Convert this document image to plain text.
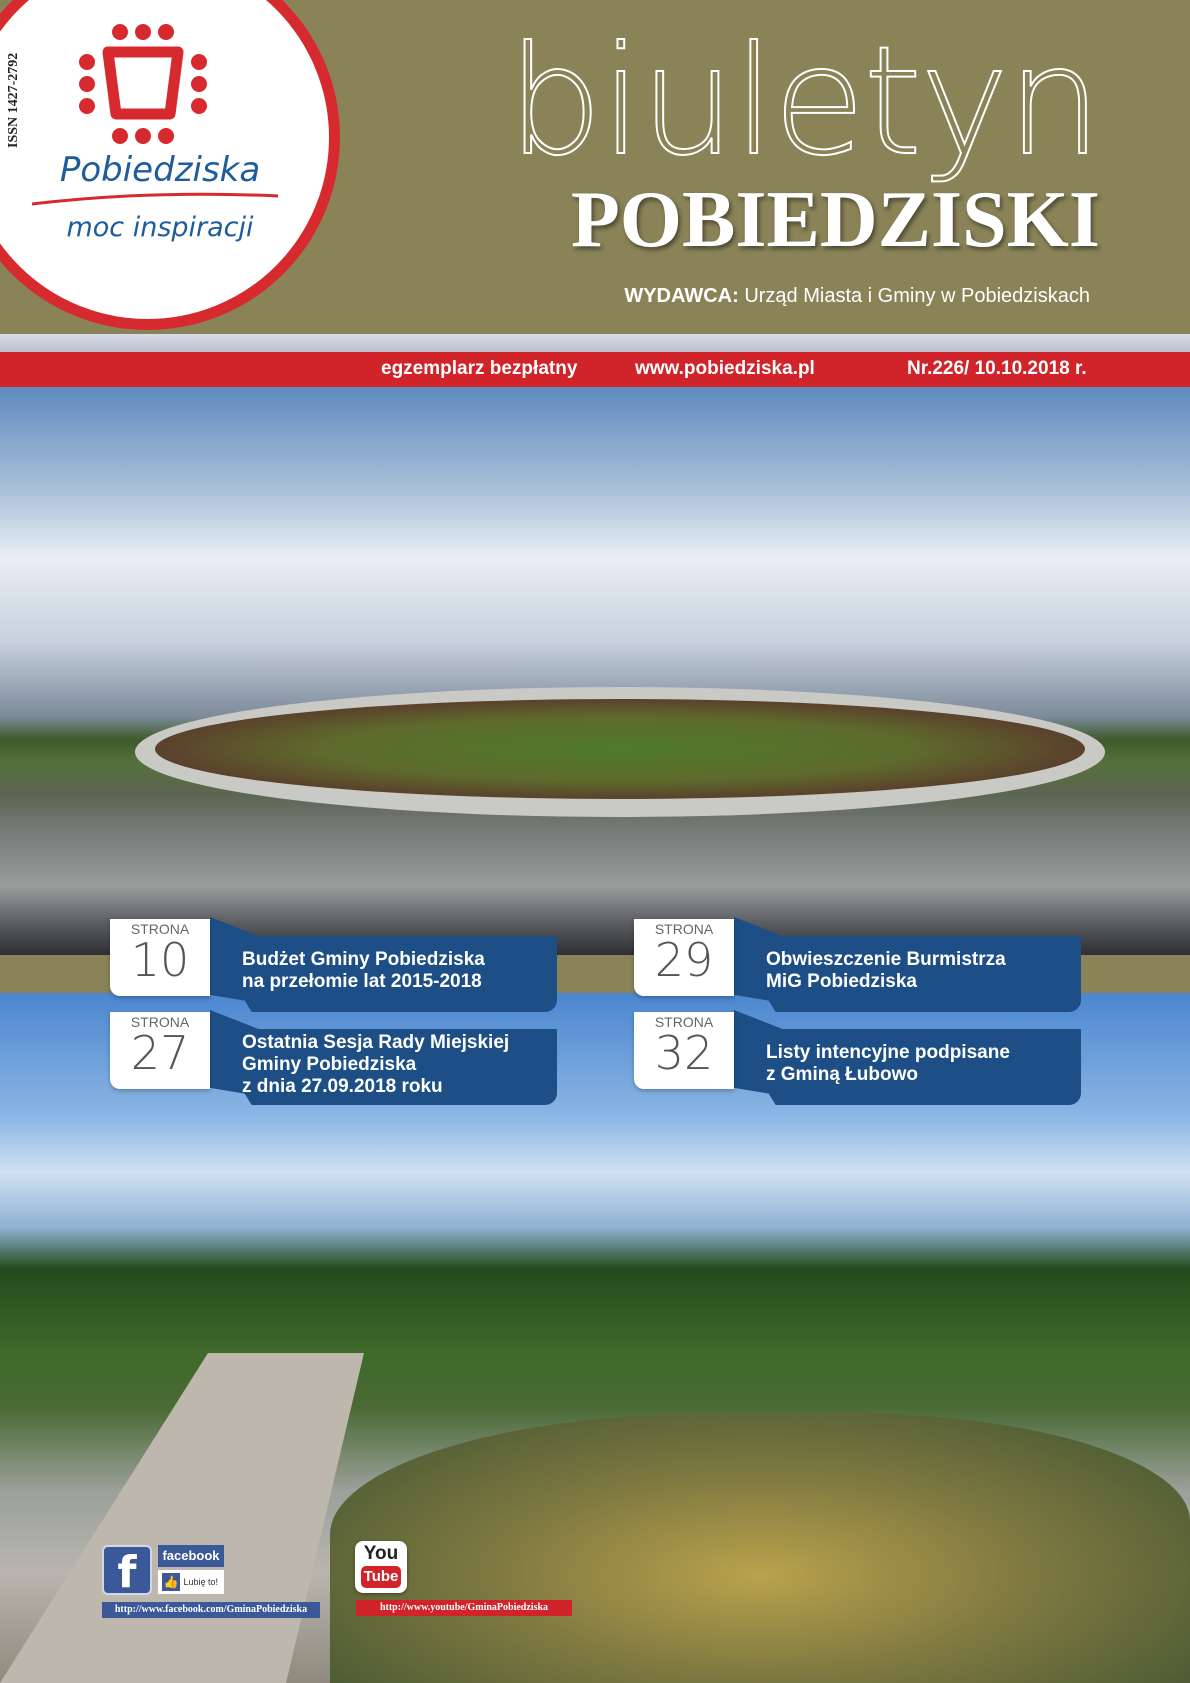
ISSN 1427-2792
Pobiedziska
moc inspiracji
biuletyn
POBIEDZISKI
WYDAWCA: Urząd Miasta i Gminy w Pobiedziskach
egzemplarz bezpłatny	www.pobiedziska.pl	Nr.226/ 10.10.2018 r.
STRONA
10	Budżet Gminy Pobiedziska
na przełomie lat 2015-2018
STRONA
27	Ostatnia Sesja Rady Miejskiej
Gminy Pobiedziska
z dnia 27.09.2018 roku
STRONA
29	Obwieszczenie Burmistrza
MiG Pobiedziska
STRONA
32	Listy intencyjne podpisane
z Gminą Łubowo
f	facebook
Lubię to!
👍
http://www.facebook.com/GminaPobiedziska
You
Tube
http://www.youtube/GminaPobiedziska
